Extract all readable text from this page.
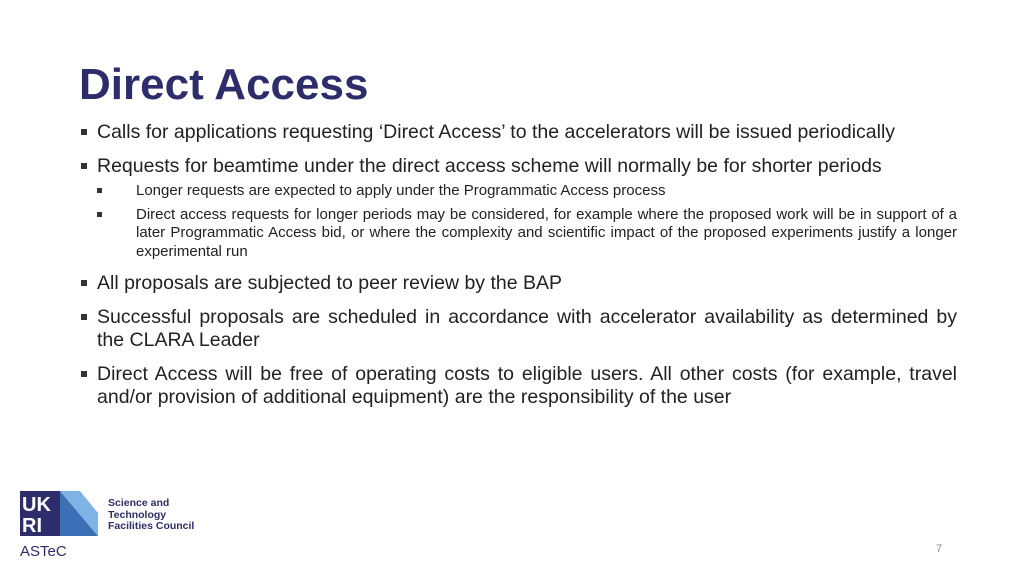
Direct Access
Calls for applications requesting ‘Direct Access’ to the accelerators will be issued periodically
Requests for beamtime under the direct access scheme will normally be for shorter periods
Longer requests are expected to apply under the Programmatic Access process
Direct access requests for longer periods may be considered, for example where the proposed work will be in support of a later Programmatic Access bid, or where the complexity and scientific impact of the proposed experiments justify a longer experimental run
All proposals are subjected to peer review by the BAP
Successful proposals are scheduled in accordance with accelerator availability as determined by the CLARA Leader
Direct Access will be free of operating costs to eligible users. All other costs (for example, travel and/or provision of additional equipment) are the responsibility of the user
UK
RI
Science and
Technology
Facilities Council
ASTeC	7
